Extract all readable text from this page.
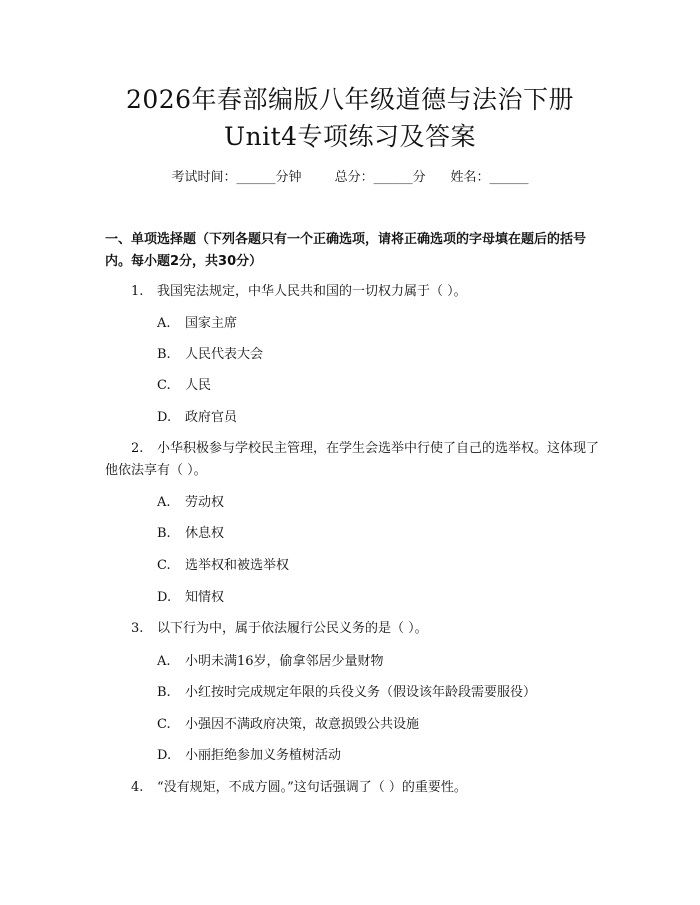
2026年春部编版八年级道德与法治下册
Unit4专项练习及答案
考试时间：______分钟	总分：______分 姓名：______
一、单项选择题（下列各题只有一个正确选项，请将正确选项的字母填在题后的括号内。每小题2分，共30分）
1. 我国宪法规定，中华人民共和国的一切权力属于（ ）。
A. 国家主席
B. 人民代表大会
C. 人民
D. 政府官员
2. 小华积极参与学校民主管理，在学生会选举中行使了自己的选举权。这体现了他依法享有（ ）。
A. 劳动权
B. 休息权
C. 选举权和被选举权
D. 知情权
3. 以下行为中，属于依法履行公民义务的是（ ）。
A. 小明未满16岁，偷拿邻居少量财物
B. 小红按时完成规定年限的兵役义务（假设该年龄段需要服役）
C. 小强因不满政府决策，故意损毁公共设施
D. 小丽拒绝参加义务植树活动
4. “没有规矩，不成方圆。”这句话强调了（ ）的重要性。
